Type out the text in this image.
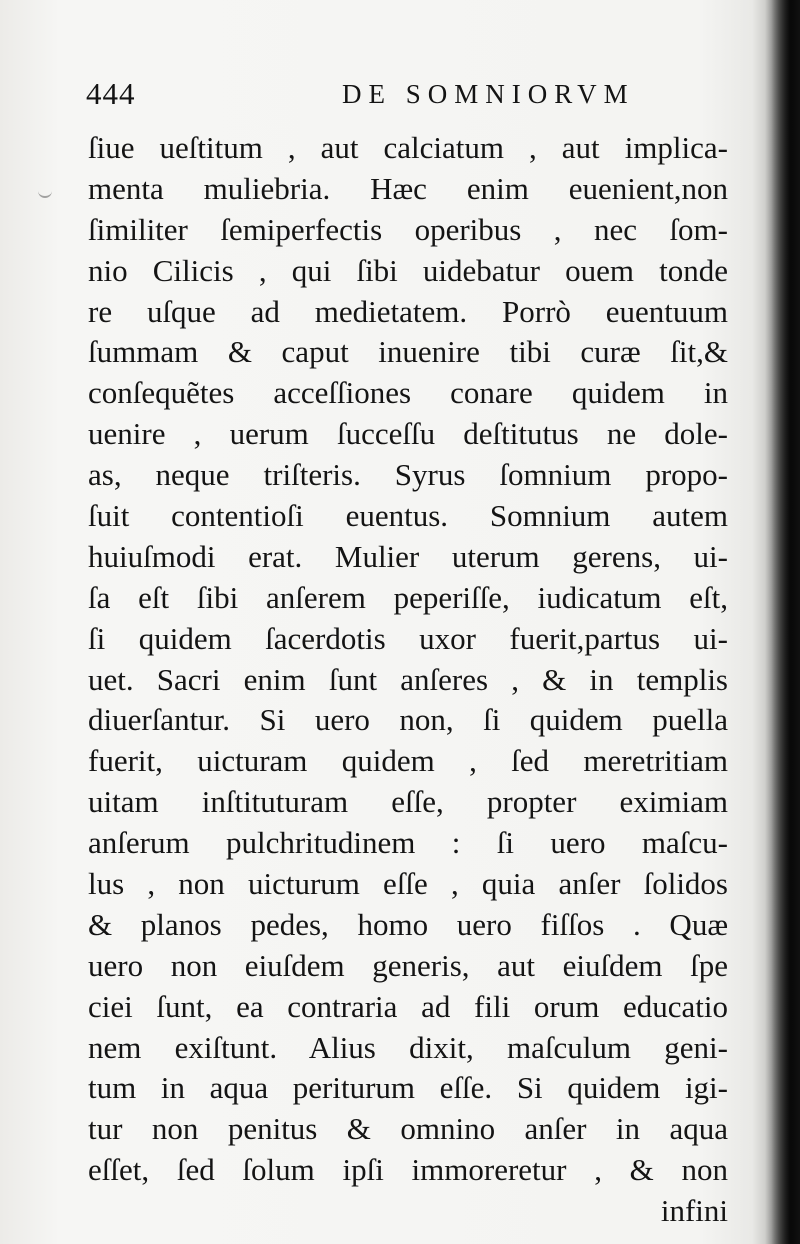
444	DE SOMNIORVM
ſiue ueſtitum , aut calciatum , aut implica-
menta muliebria. Hæc enim euenient,non
ſimiliter ſemiperfectis operibus , nec ſom-
nio Cilicis , qui ſibi uidebatur ouem tonde
re uſque ad medietatem. Porrò euentuum
ſummam & caput inuenire tibi curæ ſit,&
conſequẽtes acceſſiones conare quidem in
uenire , uerum ſucceſſu deſtitutus ne dole-
as, neque triſteris. Syrus ſomnium propo-
ſuit contentioſi euentus. Somnium autem
huiuſmodi erat. Mulier uterum gerens, ui-
ſa eſt ſibi anſerem peperiſſe, iudicatum eſt,
ſi quidem ſacerdotis uxor fuerit,partus ui-
uet. Sacri enim ſunt anſeres , & in templis
diuerſantur. Si uero non, ſi quidem puella
fuerit, uicturam quidem , ſed meretritiam
uitam inſtituturam eſſe, propter eximiam
anſerum pulchritudinem : ſi uero maſcu-
lus , non uicturum eſſe , quia anſer ſolidos
& planos pedes, homo uero fiſſos . Quæ
uero non eiuſdem generis, aut eiuſdem ſpe
ciei ſunt, ea contraria ad fili orum educatio
nem exiſtunt. Alius dixit, maſculum geni-
tum in aqua periturum eſſe. Si quidem igi-
tur non penitus & omnino anſer in aqua
eſſet, ſed ſolum ipſi immoreretur , & non
infini
